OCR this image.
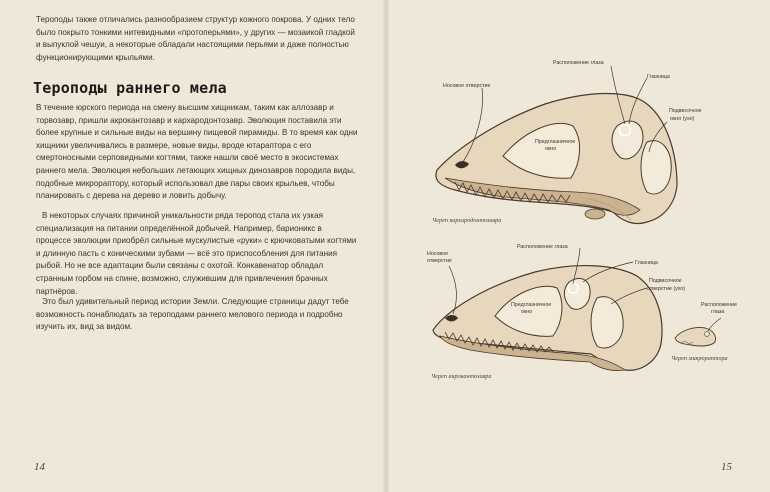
Тероподы также отличались разнообразием структур кожного покрова. У одних тело было покрыто тонкими нитевидными «протоперьями», у других — мозаикой гладкой и выпуклой чешуи, а некоторые обладали настоящими перьями и даже полностью функционирующими крыльями.

Тероподы раннего мела

В течение юрского периода на смену высшим хищникам, таким как аллозавр и торвозавр, пришли акрокантозавр и кархародонтозавр. Эволюция поставила эти более крупные и сильные виды на вершину пищевой пирамиды. В то время как одни хищники увеличивались в размере, новые виды, вроде ютараптора с его смертоносными серповидными когтями, также нашли своё место в экосистемах раннего мела. Эволюция небольших летающих хищных динозавров породила виды, подобные микрораптору, который использовал две пары своих крыльев, чтобы планировать с дерева на дерево и ловить добычу.

В некоторых случаях причиной уникальности ряда теропод стала их узкая специализация на питании определённой добычей. Например, барионикс в процессе эволюции приобрёл сильные мускулистые «руки» с крючковатыми когтями и длинную пасть с коническими зубами — всё это приспособления для питания рыбой. Но не все адаптации были связаны с охотой. Конкавенатор обладал странным горбом на спине, возможно, служившим для привлечения брачных партнёров.

Это был удивительный период истории Земли. Следующие страницы дадут тебе возможность понаблюдать за тероподами раннего мелового периода и подробно изучить их, вид за видом.

14	15
Носовое отверстие
Расположение глаза
Глазница
Предглазничное
окно
Подвисочное
окно (ухо)
Череп кархародонтозавра
Носовое
отверстие
Расположение глаза
Глазница
Предглазничное
окно
Подвисочное
отверстие (ухо)
Череп акрокантозавра
Расположение
глаза
Череп микрораптора
